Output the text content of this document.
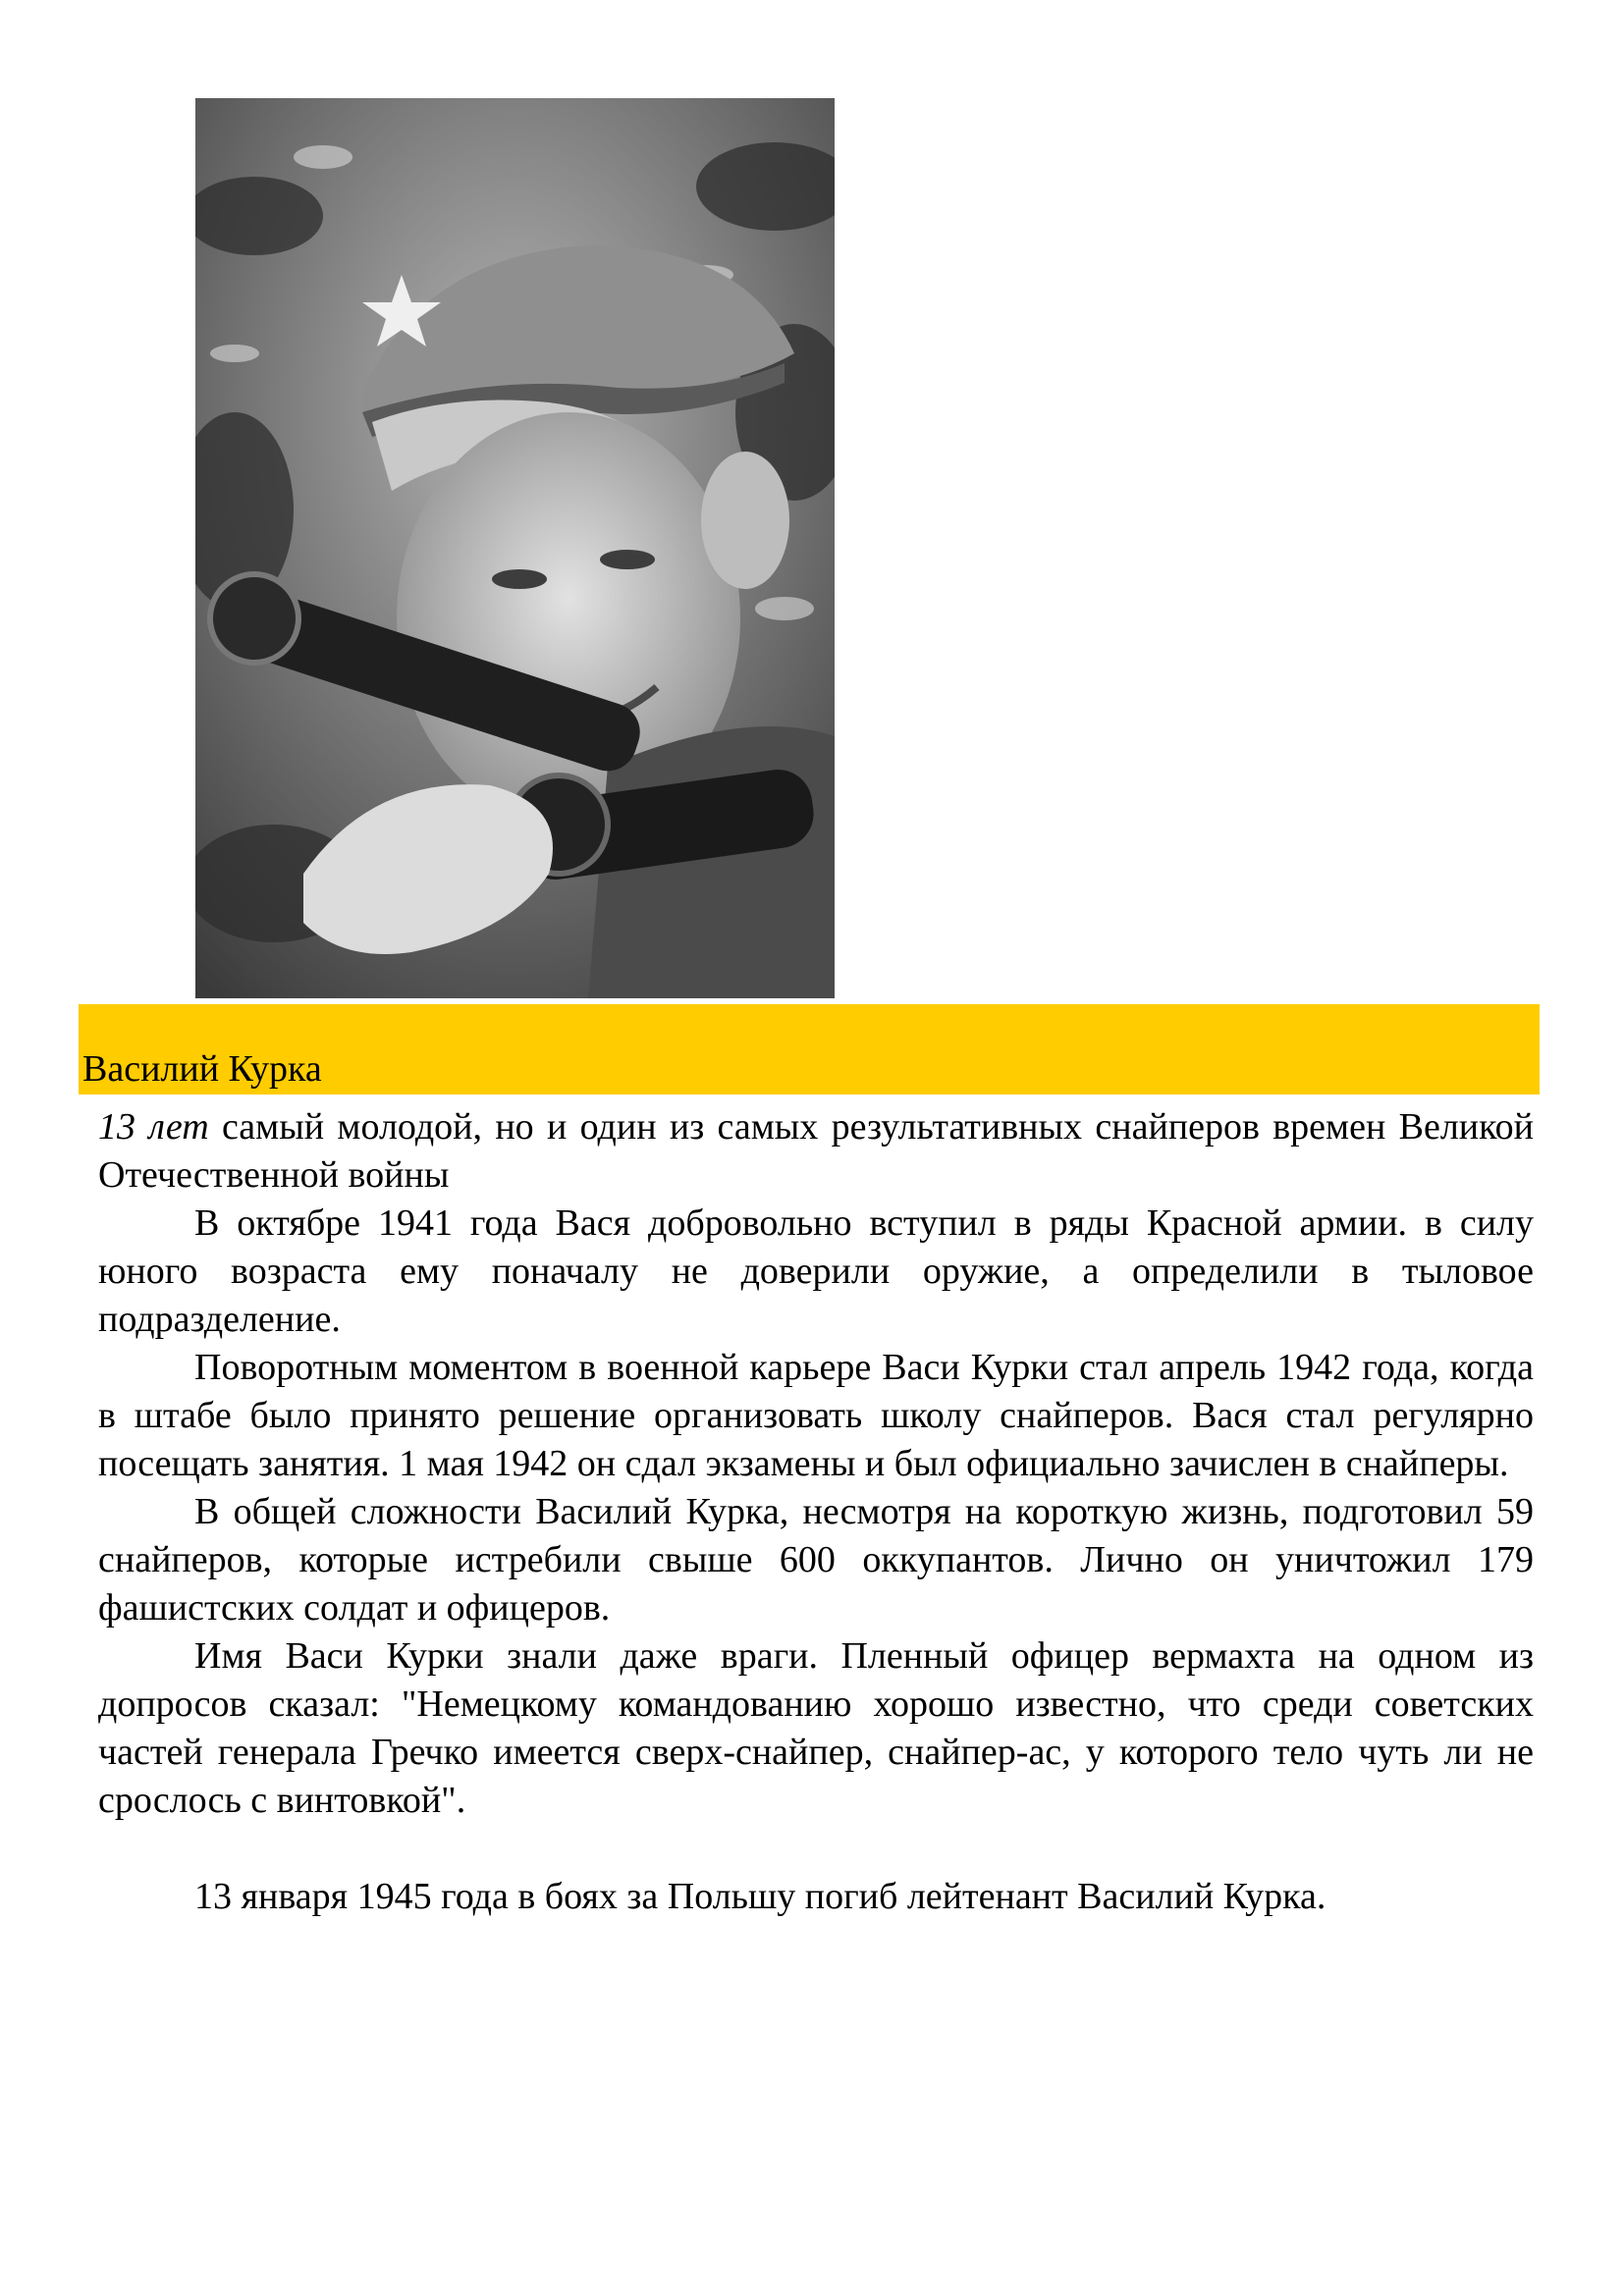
Василий Курка

13 лет самый молодой, но и один из самых результативных снайперов времен Великой Отечественной войны

В октябре 1941 года Вася добровольно вступил в ряды Красной армии. в силу юного возраста ему поначалу не доверили оружие, а определили в тыловое подразделение.

Поворотным моментом в военной карьере Васи Курки стал апрель 1942 года, когда в штабе было принято решение организовать школу снайперов. Вася стал регулярно посещать занятия. 1 мая 1942 он сдал экзамены и был официально зачислен в снайперы.

В общей сложности Василий Курка, несмотря на короткую жизнь, подготовил 59 снайперов, которые истребили свыше 600 оккупантов. Лично он уничтожил 179 фашистских солдат и офицеров.

Имя Васи Курки знали даже враги. Пленный офицер вермахта на одном из допросов сказал: "Немецкому командованию хорошо известно, что среди советских частей генерала Гречко имеется сверх-снайпер, снайпер-ас, у которого тело чуть ли не срослось с винтовкой".

13 января 1945 года в боях за Польшу погиб лейтенант Василий Курка.
